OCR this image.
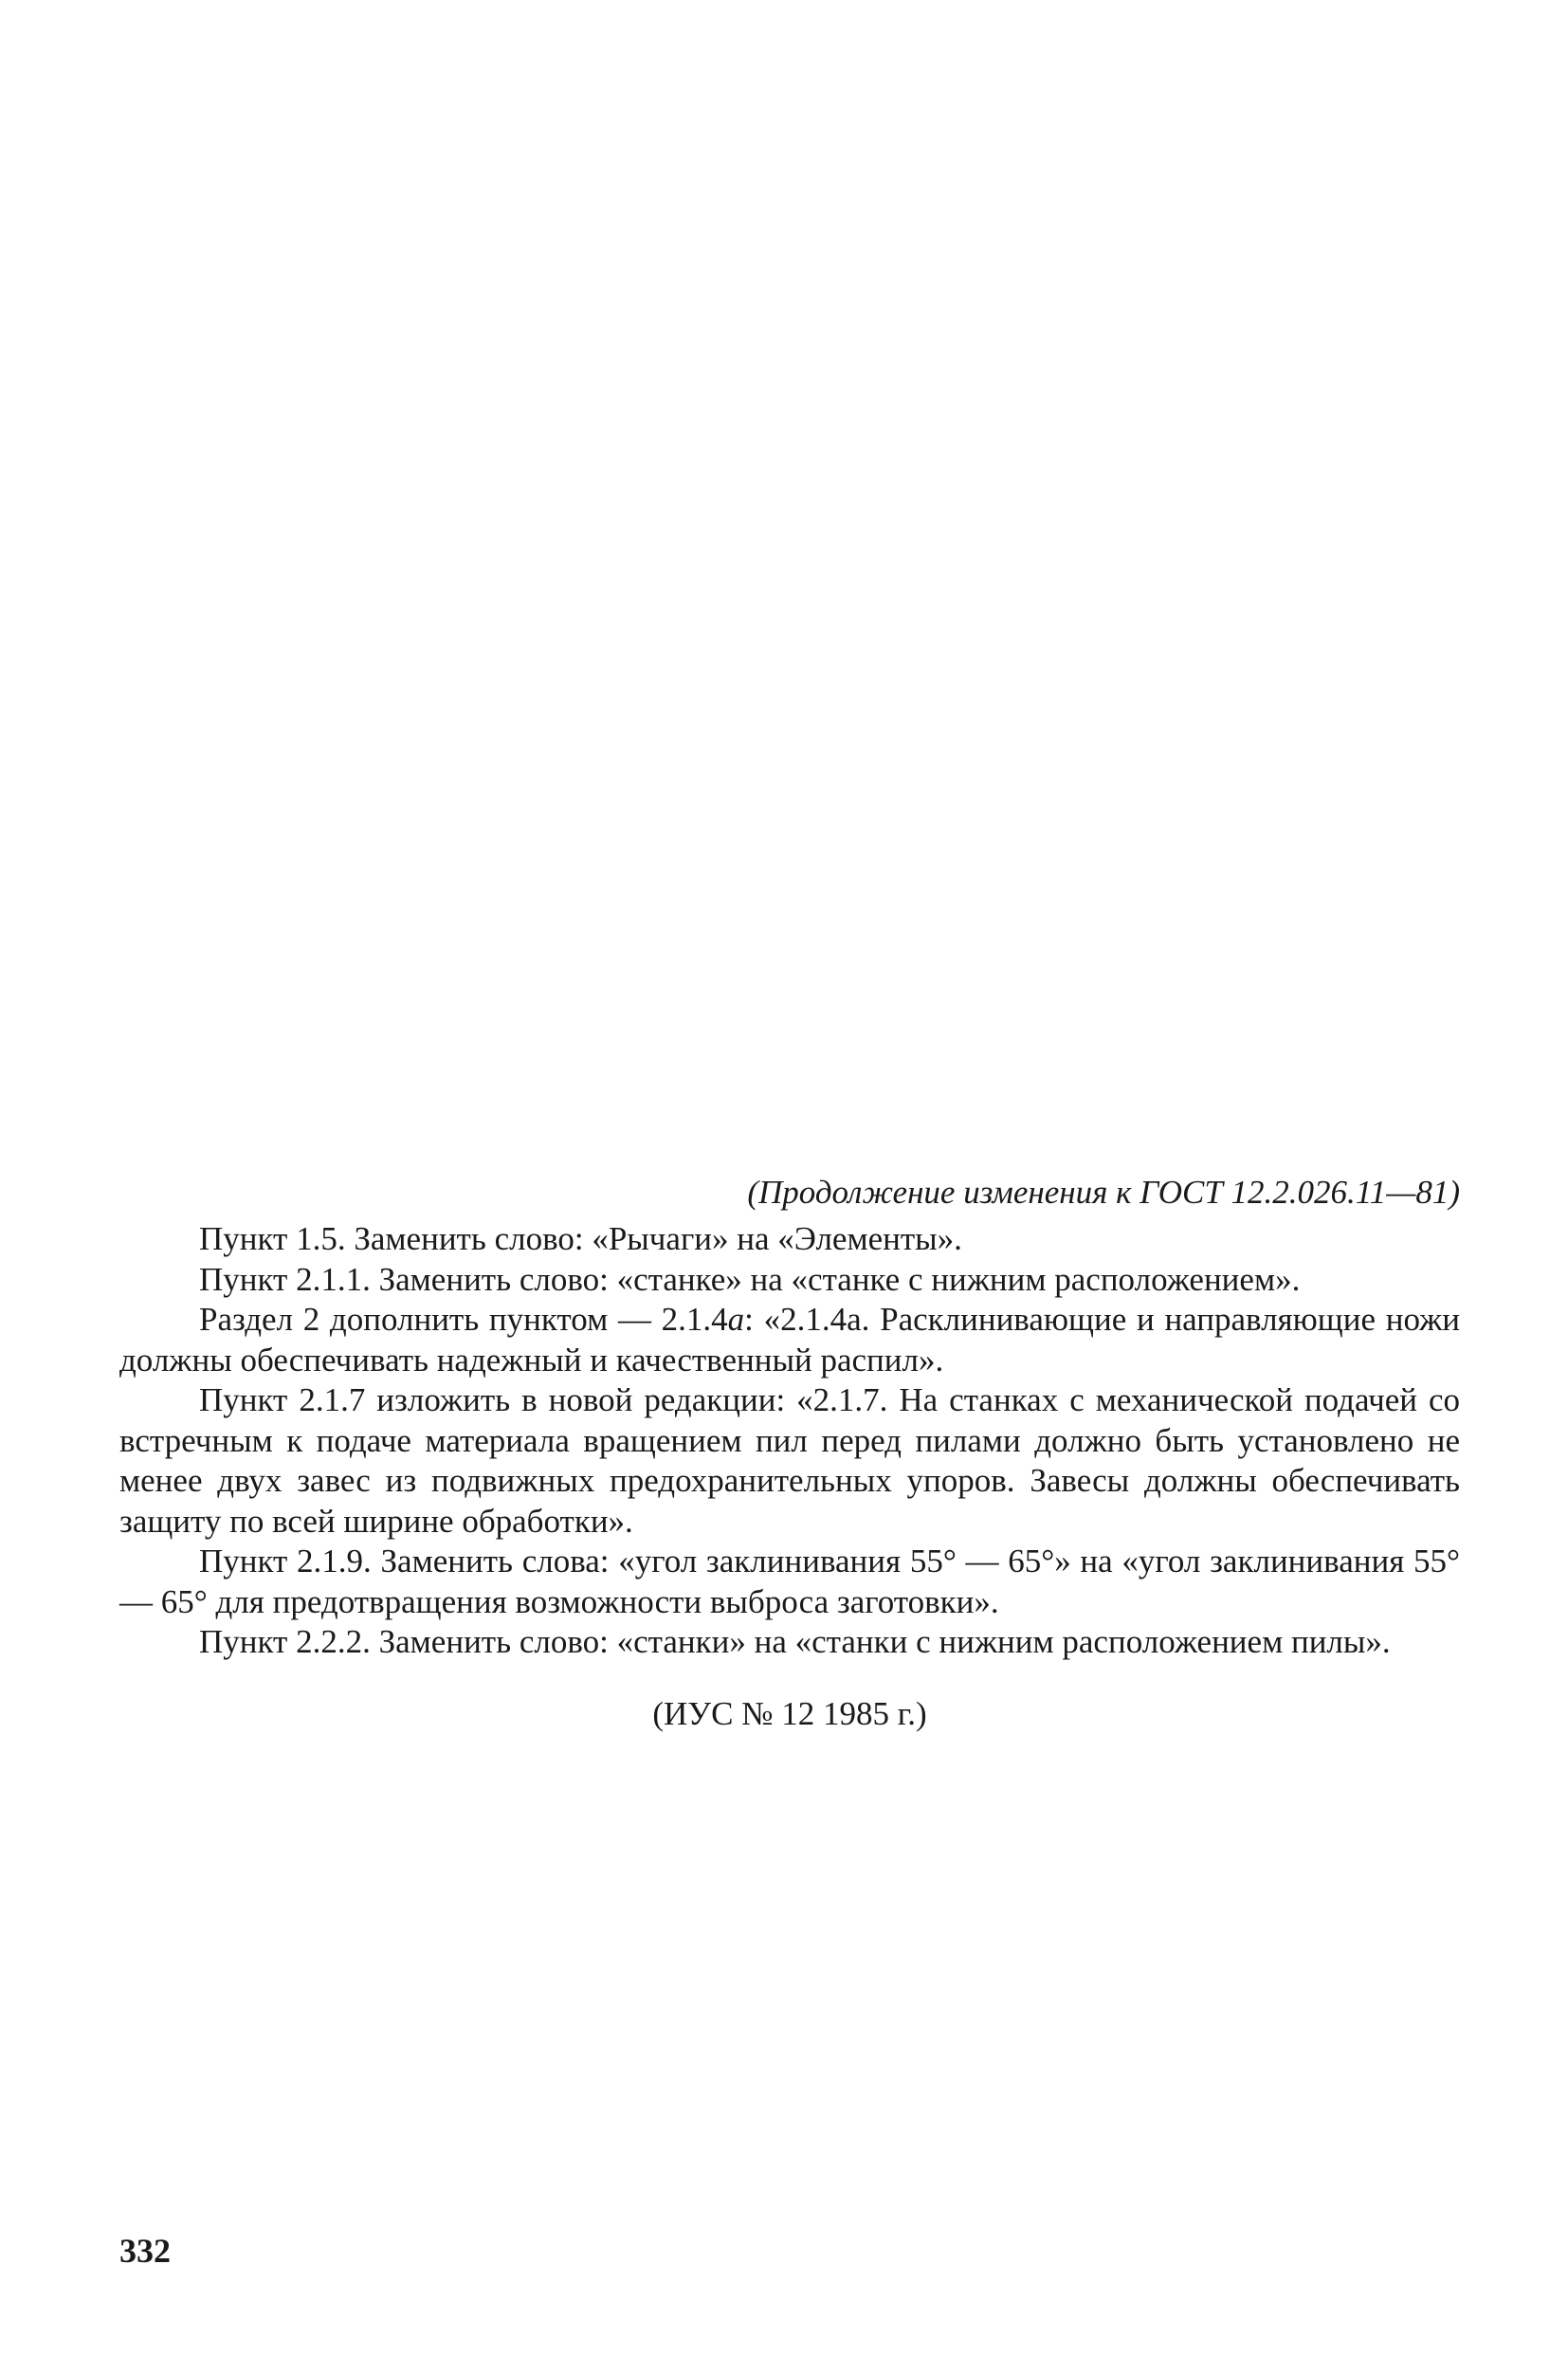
(Продолжение изменения к ГОСТ 12.2.026.11—81)

Пункт 1.5. Заменить слово: «Рычаги» на «Элементы».

Пункт 2.1.1. Заменить слово: «станке» на «станке с нижним расположением».

Раздел 2 дополнить пунктом — 2.1.4а: «2.1.4а. Расклинивающие и направляющие ножи должны обеспечивать надежный и качественный распил».

Пункт 2.1.7 изложить в новой редакции: «2.1.7. На станках с механической подачей со встречным к подаче материала вращением пил перед пилами должно быть установлено не менее двух завес из подвижных предохранительных упоров. Завесы должны обеспечивать защиту по всей ширине обработки».

Пункт 2.1.9. Заменить слова: «угол заклинивания 55° — 65°» на «угол заклинивания 55° — 65° для предотвращения возможности выброса заготовки».

Пункт 2.2.2. Заменить слово: «станки» на «станки с нижним расположением пилы».

(ИУС № 12 1985 г.)
332
